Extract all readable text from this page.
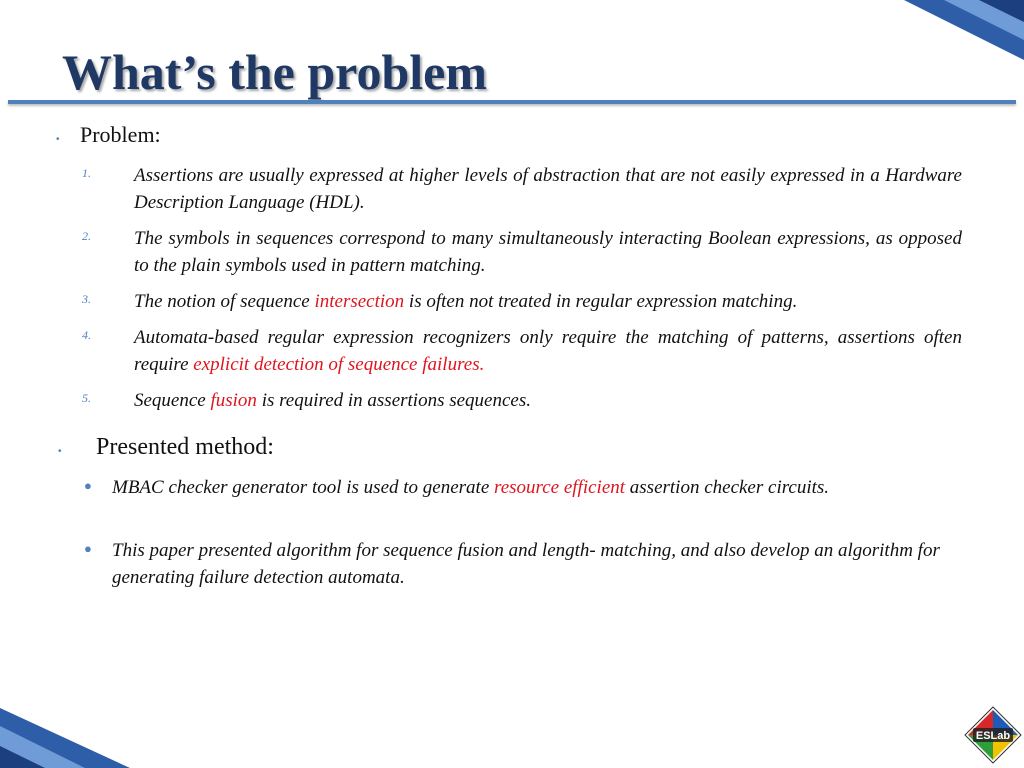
What’s the problem
• Problem:
1.	Assertions are usually expressed at higher levels of abstraction that are not easily expressed in a Hardware Description Language (HDL).
2.	The symbols in sequences correspond to many simultaneously interacting Boolean expressions, as opposed to the plain symbols used in pattern matching.
3.	The notion of sequence intersection is often not treated in regular expression matching.
4.	Automata-based regular expression recognizers only require the matching of patterns, assertions often require explicit detection of sequence failures.
5.	Sequence fusion is required in assertions sequences.
•	Presented method:
●	MBAC checker generator tool is used to generate resource efficient assertion checker circuits.
●	This paper presented algorithm for sequence fusion and length- matching, and also develop an algorithm for generating failure detection automata.
ESLab
